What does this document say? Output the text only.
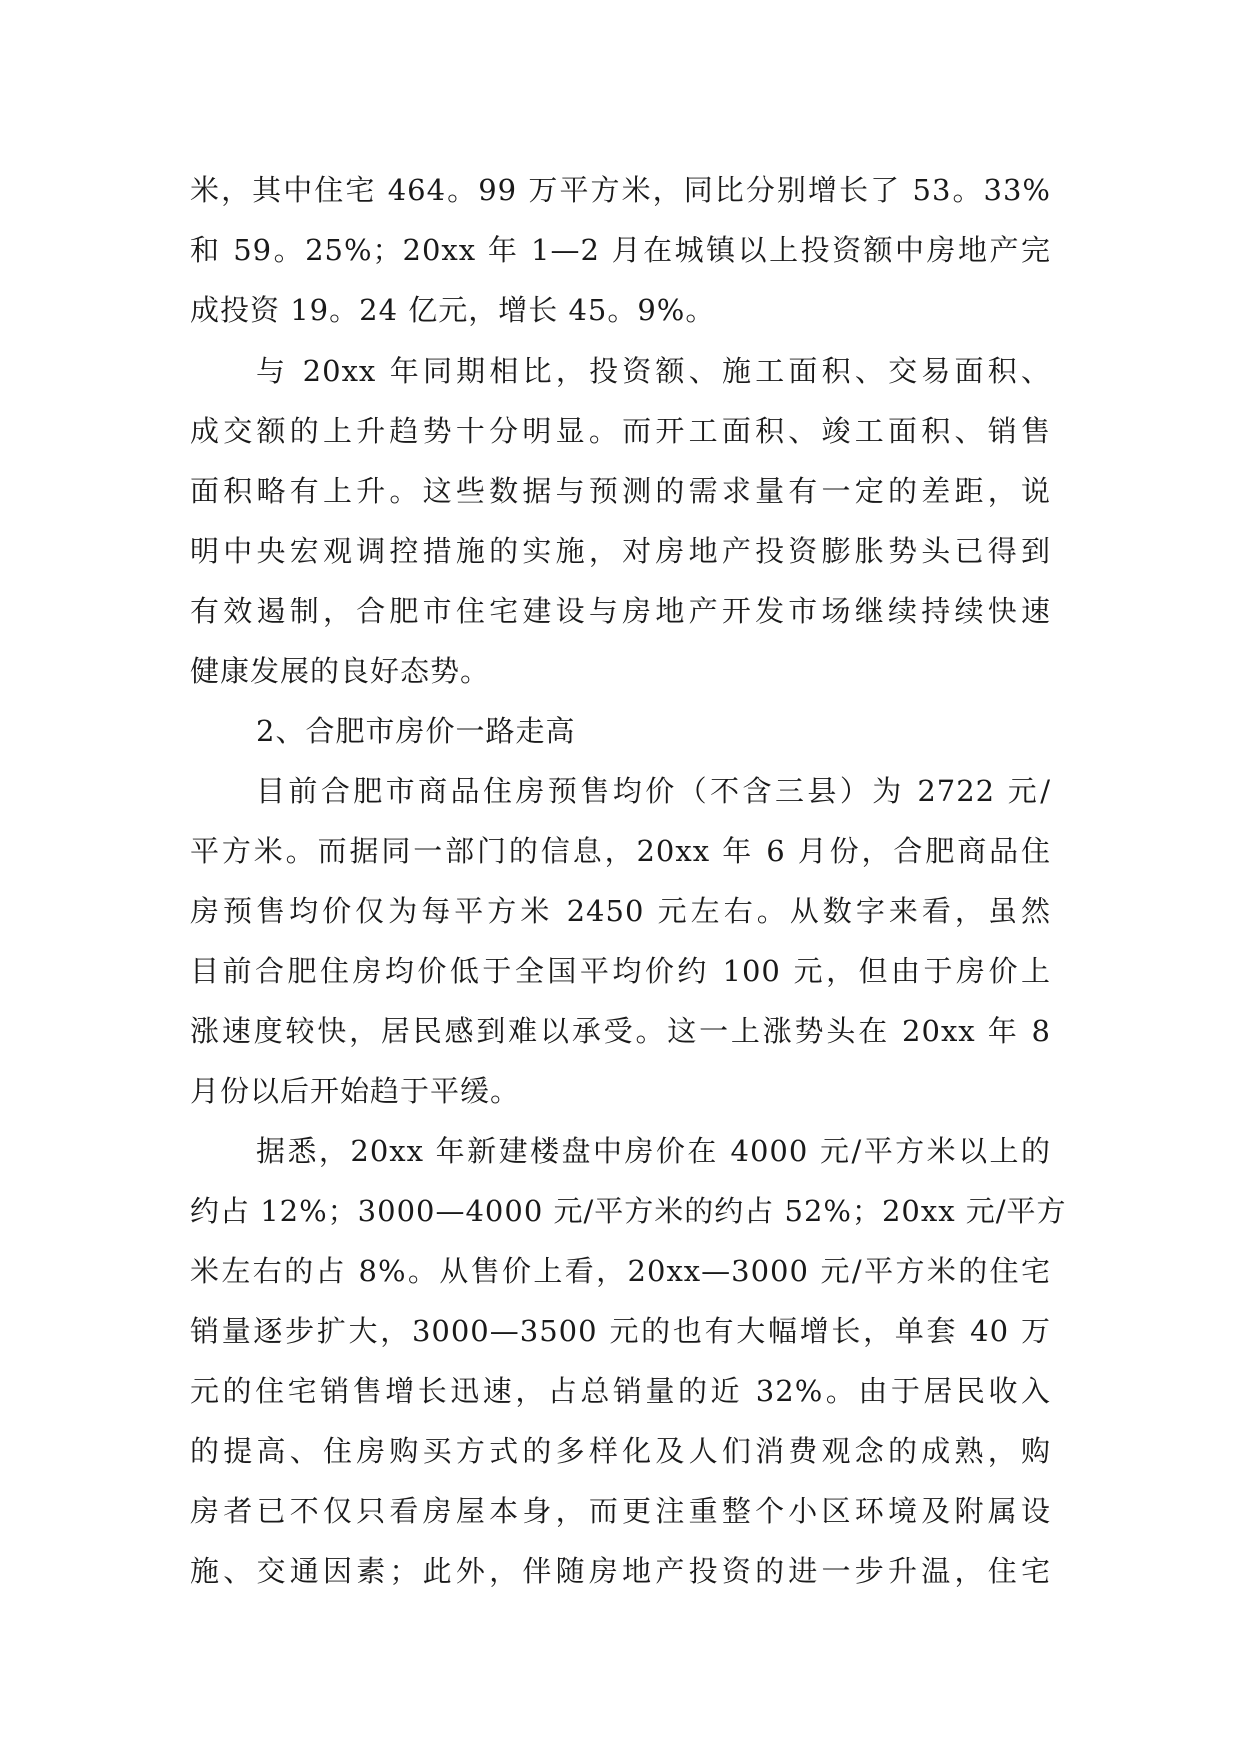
米，其中住宅 464。99 万平方米，同比分别增长了 53。33%
和 59。25%；20xx 年 1—2 月在城镇以上投资额中房地产完
成投资 19。24 亿元，增长 45。9%。
与 20xx 年同期相比，投资额、施工面积、交易面积、
成交额的上升趋势十分明显。而开工面积、竣工面积、销售
面积略有上升。这些数据与预测的需求量有一定的差距，说
明中央宏观调控措施的实施，对房地产投资膨胀势头已得到
有效遏制，合肥市住宅建设与房地产开发市场继续持续快速
健康发展的良好态势。
2、合肥市房价一路走高
目前合肥市商品住房预售均价（不含三县）为 2722 元/
平方米。而据同一部门的信息，20xx 年 6 月份，合肥商品住
房预售均价仅为每平方米 2450 元左右。从数字来看，虽然
目前合肥住房均价低于全国平均价约 100 元，但由于房价上
涨速度较快，居民感到难以承受。这一上涨势头在 20xx 年 8
月份以后开始趋于平缓。
据悉，20xx 年新建楼盘中房价在 4000 元/平方米以上的
约占 12%；3000—4000 元/平方米的约占 52%；20xx 元/平方
米左右的占 8%。从售价上看，20xx—3000 元/平方米的住宅
销量逐步扩大，3000—3500 元的也有大幅增长，单套 40 万
元的住宅销售增长迅速，占总销量的近 32%。由于居民收入
的提高、住房购买方式的多样化及人们消费观念的成熟，购
房者已不仅只看房屋本身，而更注重整个小区环境及附属设
施、交通因素；此外，伴随房地产投资的进一步升温，住宅
